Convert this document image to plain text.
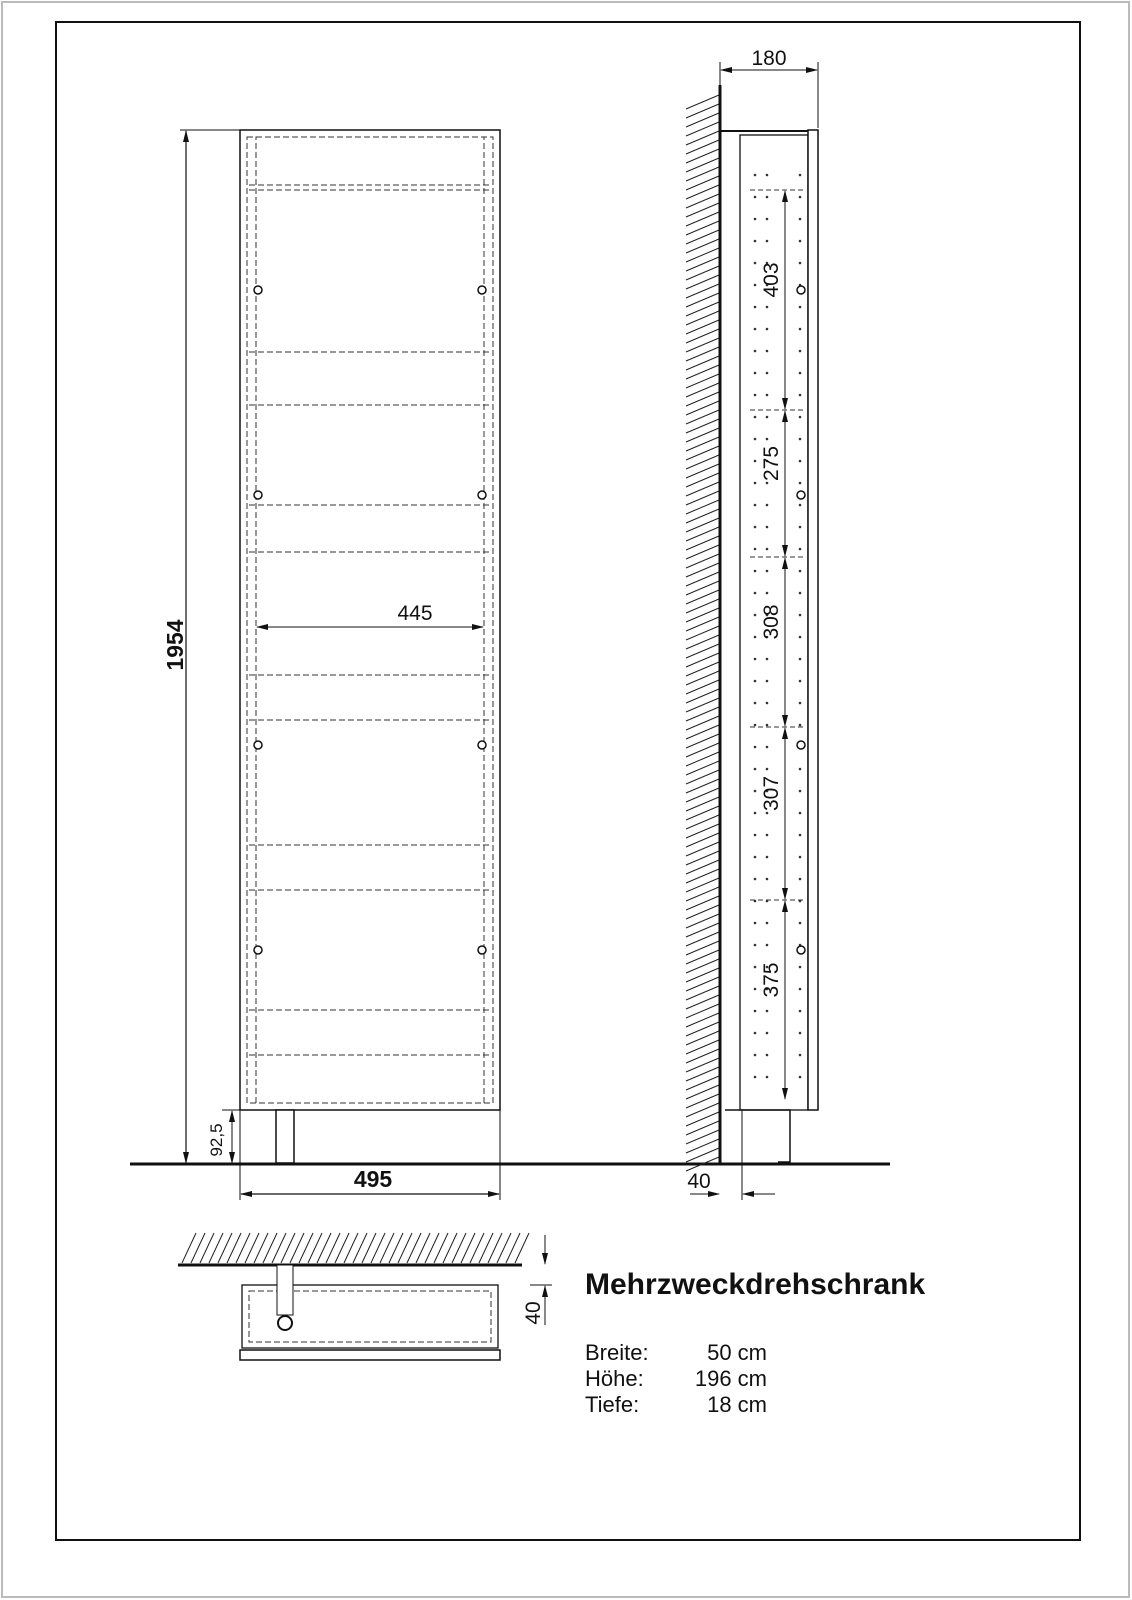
1954
92,5
495
445
180
40
403
275
308
307
375
40
Mehrzweckdrehschrank
Breite:	50 cm
Höhe: 196 cm
Tiefe:	18 cm
